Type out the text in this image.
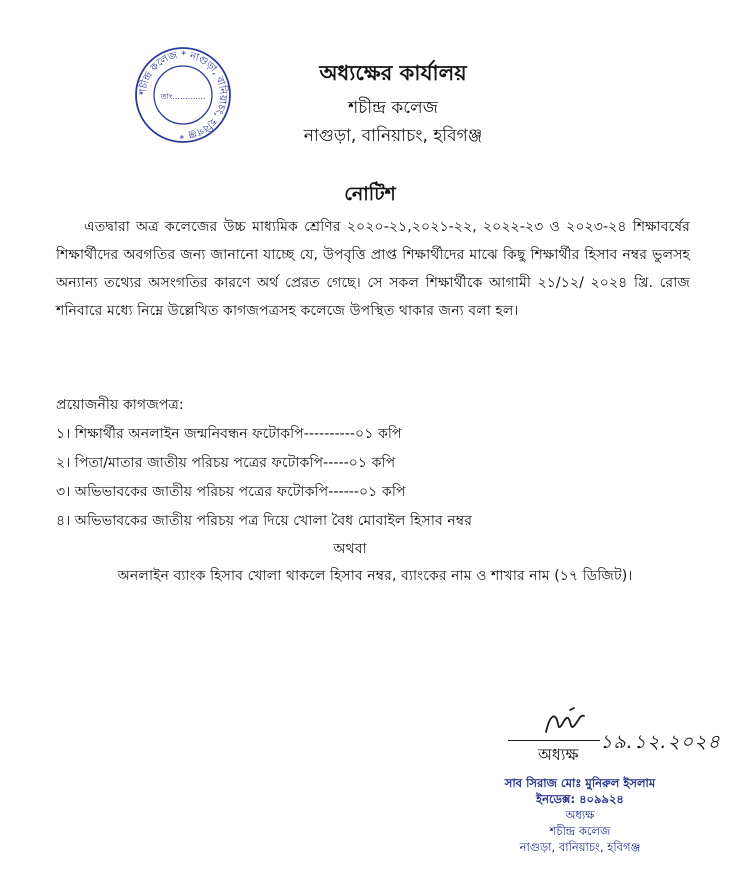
শচীন্দ্র কলেজ * নাগুড়া, বানিয়াচং, হবিগঞ্জ *
তাং.............
অধ্যক্ষের কার্যালয়
শচীন্দ্র কলেজ
নাগুড়া, বানিয়াচং, হবিগঞ্জ
নোটিশ

এতদ্বারা অত্র কলেজের উচ্চ মাধ্যমিক শ্রেণির ২০২০-২১,২০২১-২২, ২০২২-২৩ ও ২০২৩-২৪ শিক্ষাবর্ষের শিক্ষার্থীদের অবগতির জন্য জানানো যাচ্ছে যে, উপবৃত্তি প্রাপ্ত শিক্ষার্থীদের মাঝে কিছু শিক্ষার্থীর হিসাব নম্বর ভুলসহ অন্যান্য তথ্যের অসংগতির কারণে অর্থ প্রেরত গেছে। সে সকল শিক্ষার্থীকে আগামী ২১/১২/ ২০২৪ খ্রি. রোজ শনিবারে মধ্যে নিম্নে উল্লেখিত কাগজপত্রসহ কলেজে উপস্থিত থাকার জন্য বলা হল।

প্রয়োজনীয় কাগজপত্র:
১। শিক্ষার্থীর অনলাইন জন্মনিবন্ধন ফটোকপি----------০১ কপি
২। পিতা/মাতার জাতীয় পরিচয় পত্রের ফটোকপি-----০১ কপি
৩। অভিভাবকের জাতীয় পরিচয় পত্রের ফটোকপি------০১ কপি
৪। অভিভাবকের জাতীয় পরিচয় পত্র দিয়ে খোলা বৈধ মোবাইল হিসাব নম্বর
অথবা
অনলাইন ব্যাংক হিসাব খোলা থাকলে হিসাব নম্বর, ব্যাংকের নাম ও শাখার নাম (১৭ ডিজিট)।
অধ্যক্ষ
১৯.১২.২০২৪
সাব সিরাজ মোঃ মুনিরুল ইসলাম
ইনডেক্স: ৪০৯৯২৪
অধ্যক্ষ
শচীন্দ্র কলেজ
নাগুড়া, বানিয়াচং, হবিগঞ্জ
